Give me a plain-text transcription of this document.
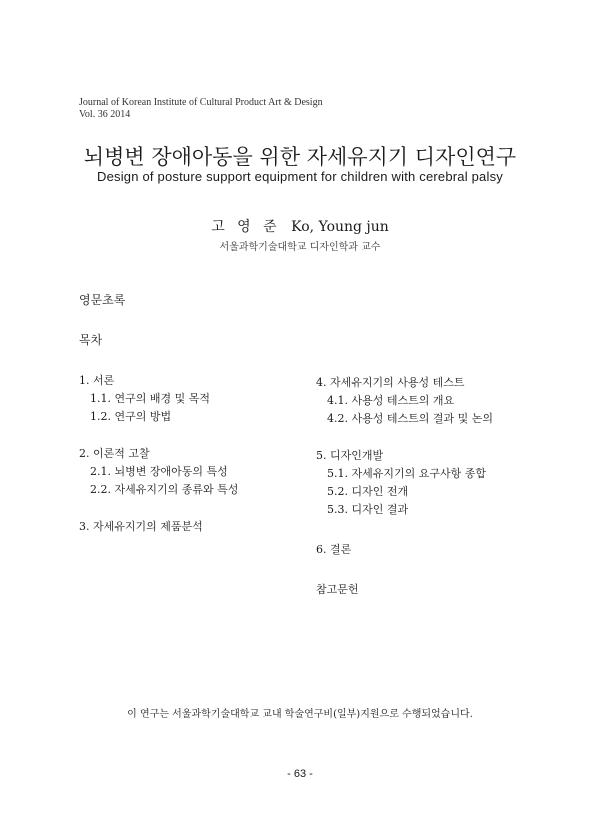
Journal of Korean Institute of Cultural Product Art & Design
Vol. 36 2014
뇌병변 장애아동을 위한 자세유지기 디자인연구
Design of posture support equipment for children with cerebral palsy
고 영 준 Ko, Young jun
서울과학기술대학교 디자인학과 교수
영문초록
목차
1. 서론
1.1. 연구의 배경 및 목적
1.2. 연구의 방법
2. 이론적 고찰
2.1. 뇌병변 장애아동의 특성
2.2. 자세유지기의 종류와 특성
3. 자세유지기의 제품분석
4. 자세유지기의 사용성 테스트
4.1. 사용성 테스트의 개요
4.2. 사용성 테스트의 결과 및 논의
5. 디자인개발
5.1. 자세유지기의 요구사항 종합
5.2. 디자인 전개
5.3. 디자인 결과
6. 결론
참고문헌
이 연구는 서울과학기술대학교 교내 학술연구비(일부)지원으로 수행되었습니다.
- 63 -
